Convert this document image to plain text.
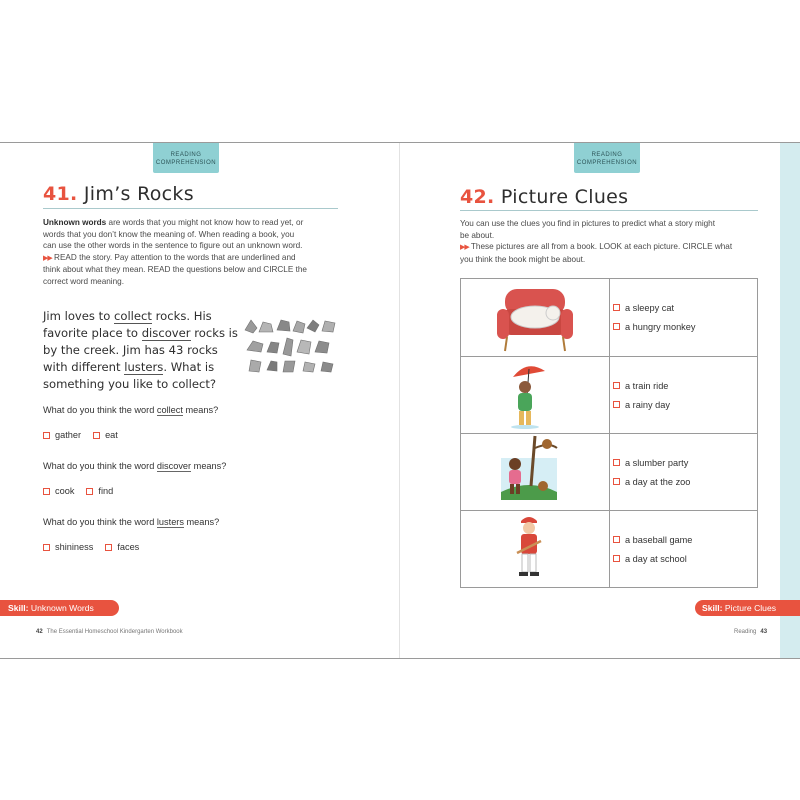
READING
COMPREHENSION
41. Jim’s Rocks
Unknown words are words that you might not know how to read yet, or
words that you don’t know the meaning of. When reading a book, you
can use the other words in the sentence to figure out an unknown word.
▶▶ READ the story. Pay attention to the words that are underlined and
think about what they mean. READ the questions below and CIRCLE the
correct word meaning.
Jim loves to collect rocks. His favorite place to discover rocks is by the creek. Jim has 43 rocks with different lusters. What is something you like to collect?
What do you think the word collect means?
gather	eat
What do you think the word discover means?
cook	find
What do you think the word lusters means?
shininess	faces
Skill: Unknown Words
42 The Essential Homeschool Kindergarten Workbook
READING
COMPREHENSION
42. Picture Clues
You can use the clues you find in pictures to predict what a story might
be about.
▶▶ These pictures are all from a book. LOOK at each picture. CIRCLE what
you think the book might be about.
a sleepy cat
a hungry monkey
a train ride
a rainy day
a slumber party
a day at the zoo
a baseball game
a day at school
Skill: Picture Clues
Reading 43
